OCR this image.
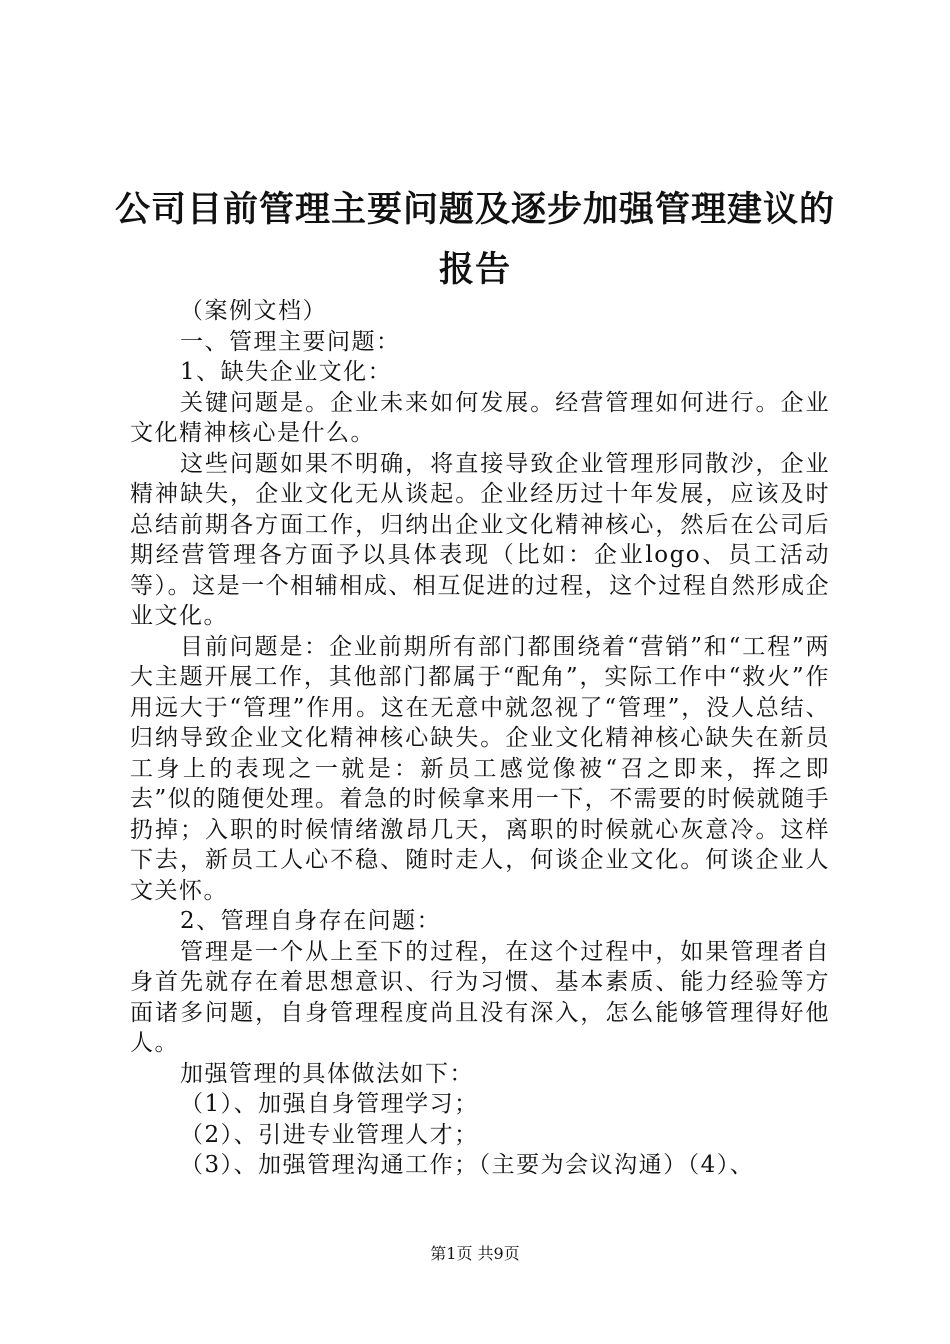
公司目前管理主要问题及逐步加强管理建议的
报告

（案例文档）

一、管理主要问题：

1、缺失企业文化：

关键问题是。企业未来如何发展。经营管理如何进行。企业文化精神核心是什么。

这些问题如果不明确，将直接导致企业管理形同散沙，企业精神缺失，企业文化无从谈起。企业经历过十年发展，应该及时总结前期各方面工作，归纳出企业文化精神核心，然后在公司后期经营管理各方面予以具体表现（比如：企业logo、员工活动等）。这是一个相辅相成、相互促进的过程，这个过程自然形成企业文化。

目前问题是：企业前期所有部门都围绕着“营销”和“工程”两大主题开展工作，其他部门都属于“配角”，实际工作中“救火”作用远大于“管理”作用。这在无意中就忽视了“管理”，没人总结、归纳导致企业文化精神核心缺失。企业文化精神核心缺失在新员工身上的表现之一就是：新员工感觉像被“召之即来，挥之即去”似的随便处理。着急的时候拿来用一下，不需要的时候就随手扔掉；入职的时候情绪激昂几天，离职的时候就心灰意冷。这样下去，新员工人心不稳、随时走人，何谈企业文化。何谈企业人文关怀。

2、管理自身存在问题：

管理是一个从上至下的过程，在这个过程中，如果管理者自身首先就存在着思想意识、行为习惯、基本素质、能力经验等方面诸多问题，自身管理程度尚且没有深入，怎么能够管理得好他人。

加强管理的具体做法如下：

（1）、加强自身管理学习；

（2）、引进专业管理人才；

（3）、加强管理沟通工作；（主要为会议沟通）（4）、

第1页 共9页
